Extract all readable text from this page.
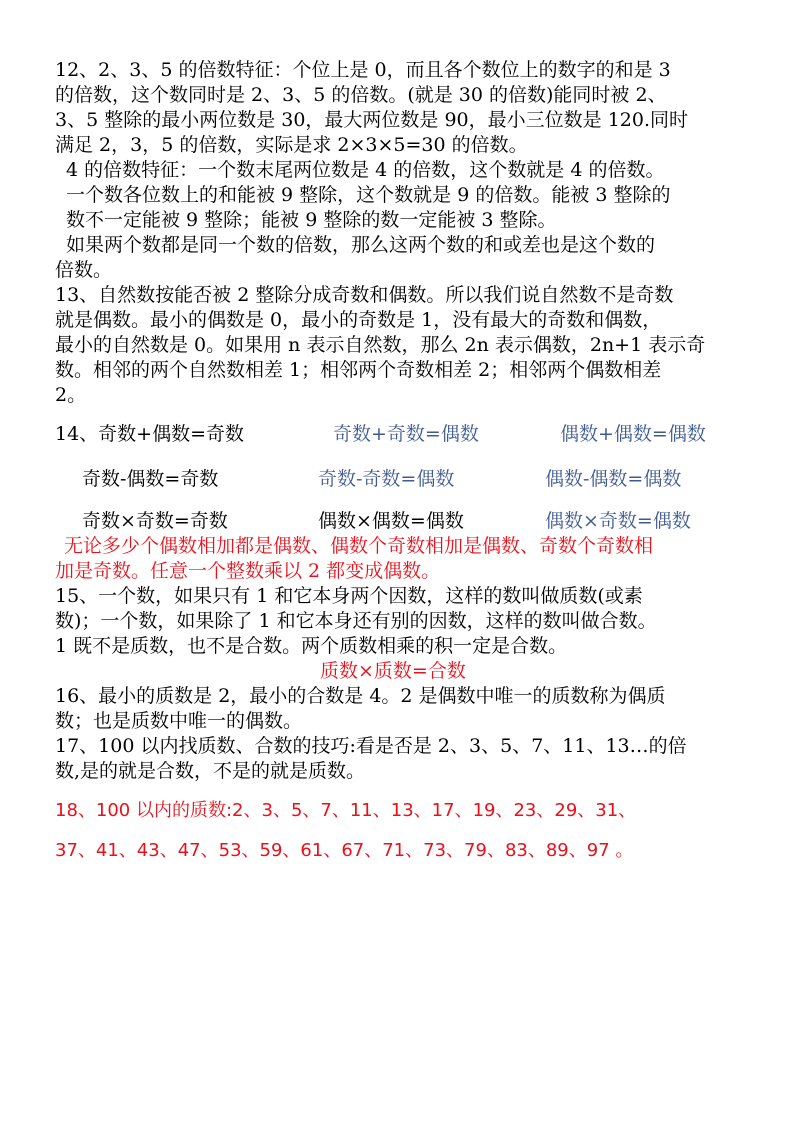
12、2、3、5 的倍数特征：个位上是 0，而且各个数位上的数字的和是 3
的倍数，这个数同时是 2、3、5 的倍数。(就是 30 的倍数)能同时被 2、
3、5 整除的最小两位数是 30，最大两位数是 90，最小三位数是 120.同时
满足 2，3，5 的倍数，实际是求 2×3×5=30 的倍数。
4 的倍数特征：一个数末尾两位数是 4 的倍数，这个数就是 4 的倍数。
一个数各位数上的和能被 9 整除，这个数就是 9 的倍数。能被 3 整除的
数不一定能被 9 整除；能被 9 整除的数一定能被 3 整除。
如果两个数都是同一个数的倍数，那么这两个数的和或差也是这个数的
倍数。
13、自然数按能否被 2 整除分成奇数和偶数。所以我们说自然数不是奇数
就是偶数。最小的偶数是 0，最小的奇数是 1，没有最大的奇数和偶数，
最小的自然数是 0。如果用 n 表示自然数，那么 2n 表示偶数，2n+1 表示奇
数。相邻的两个自然数相差 1；相邻两个奇数相差 2；相邻两个偶数相差
2。
14、奇数+偶数=奇数	奇数+奇数=偶数	偶数+偶数=偶数
奇数-偶数=奇数	奇数-奇数=偶数	偶数-偶数=偶数
奇数×奇数=奇数	偶数×偶数=偶数	偶数×奇数=偶数
无论多少个偶数相加都是偶数、偶数个奇数相加是偶数、奇数个奇数相
加是奇数。任意一个整数乘以 2 都变成偶数。
15、一个数，如果只有 1 和它本身两个因数，这样的数叫做质数(或素
数)；一个数，如果除了 1 和它本身还有别的因数，这样的数叫做合数。
1 既不是质数，也不是合数。两个质数相乘的积一定是合数。
质数×质数=合数
16、最小的质数是 2，最小的合数是 4。2 是偶数中唯一的质数称为偶质
数；也是质数中唯一的偶数。
17、100 以内找质数、合数的技巧:看是否是 2、3、5、7、11、13…的倍
数,是的就是合数，不是的就是质数。
18、100 以内的质数:2、3、5、7、11、13、17、19、23、29、31、
37、41、43、47、53、59、61、67、71、73、79、83、89、97 。
